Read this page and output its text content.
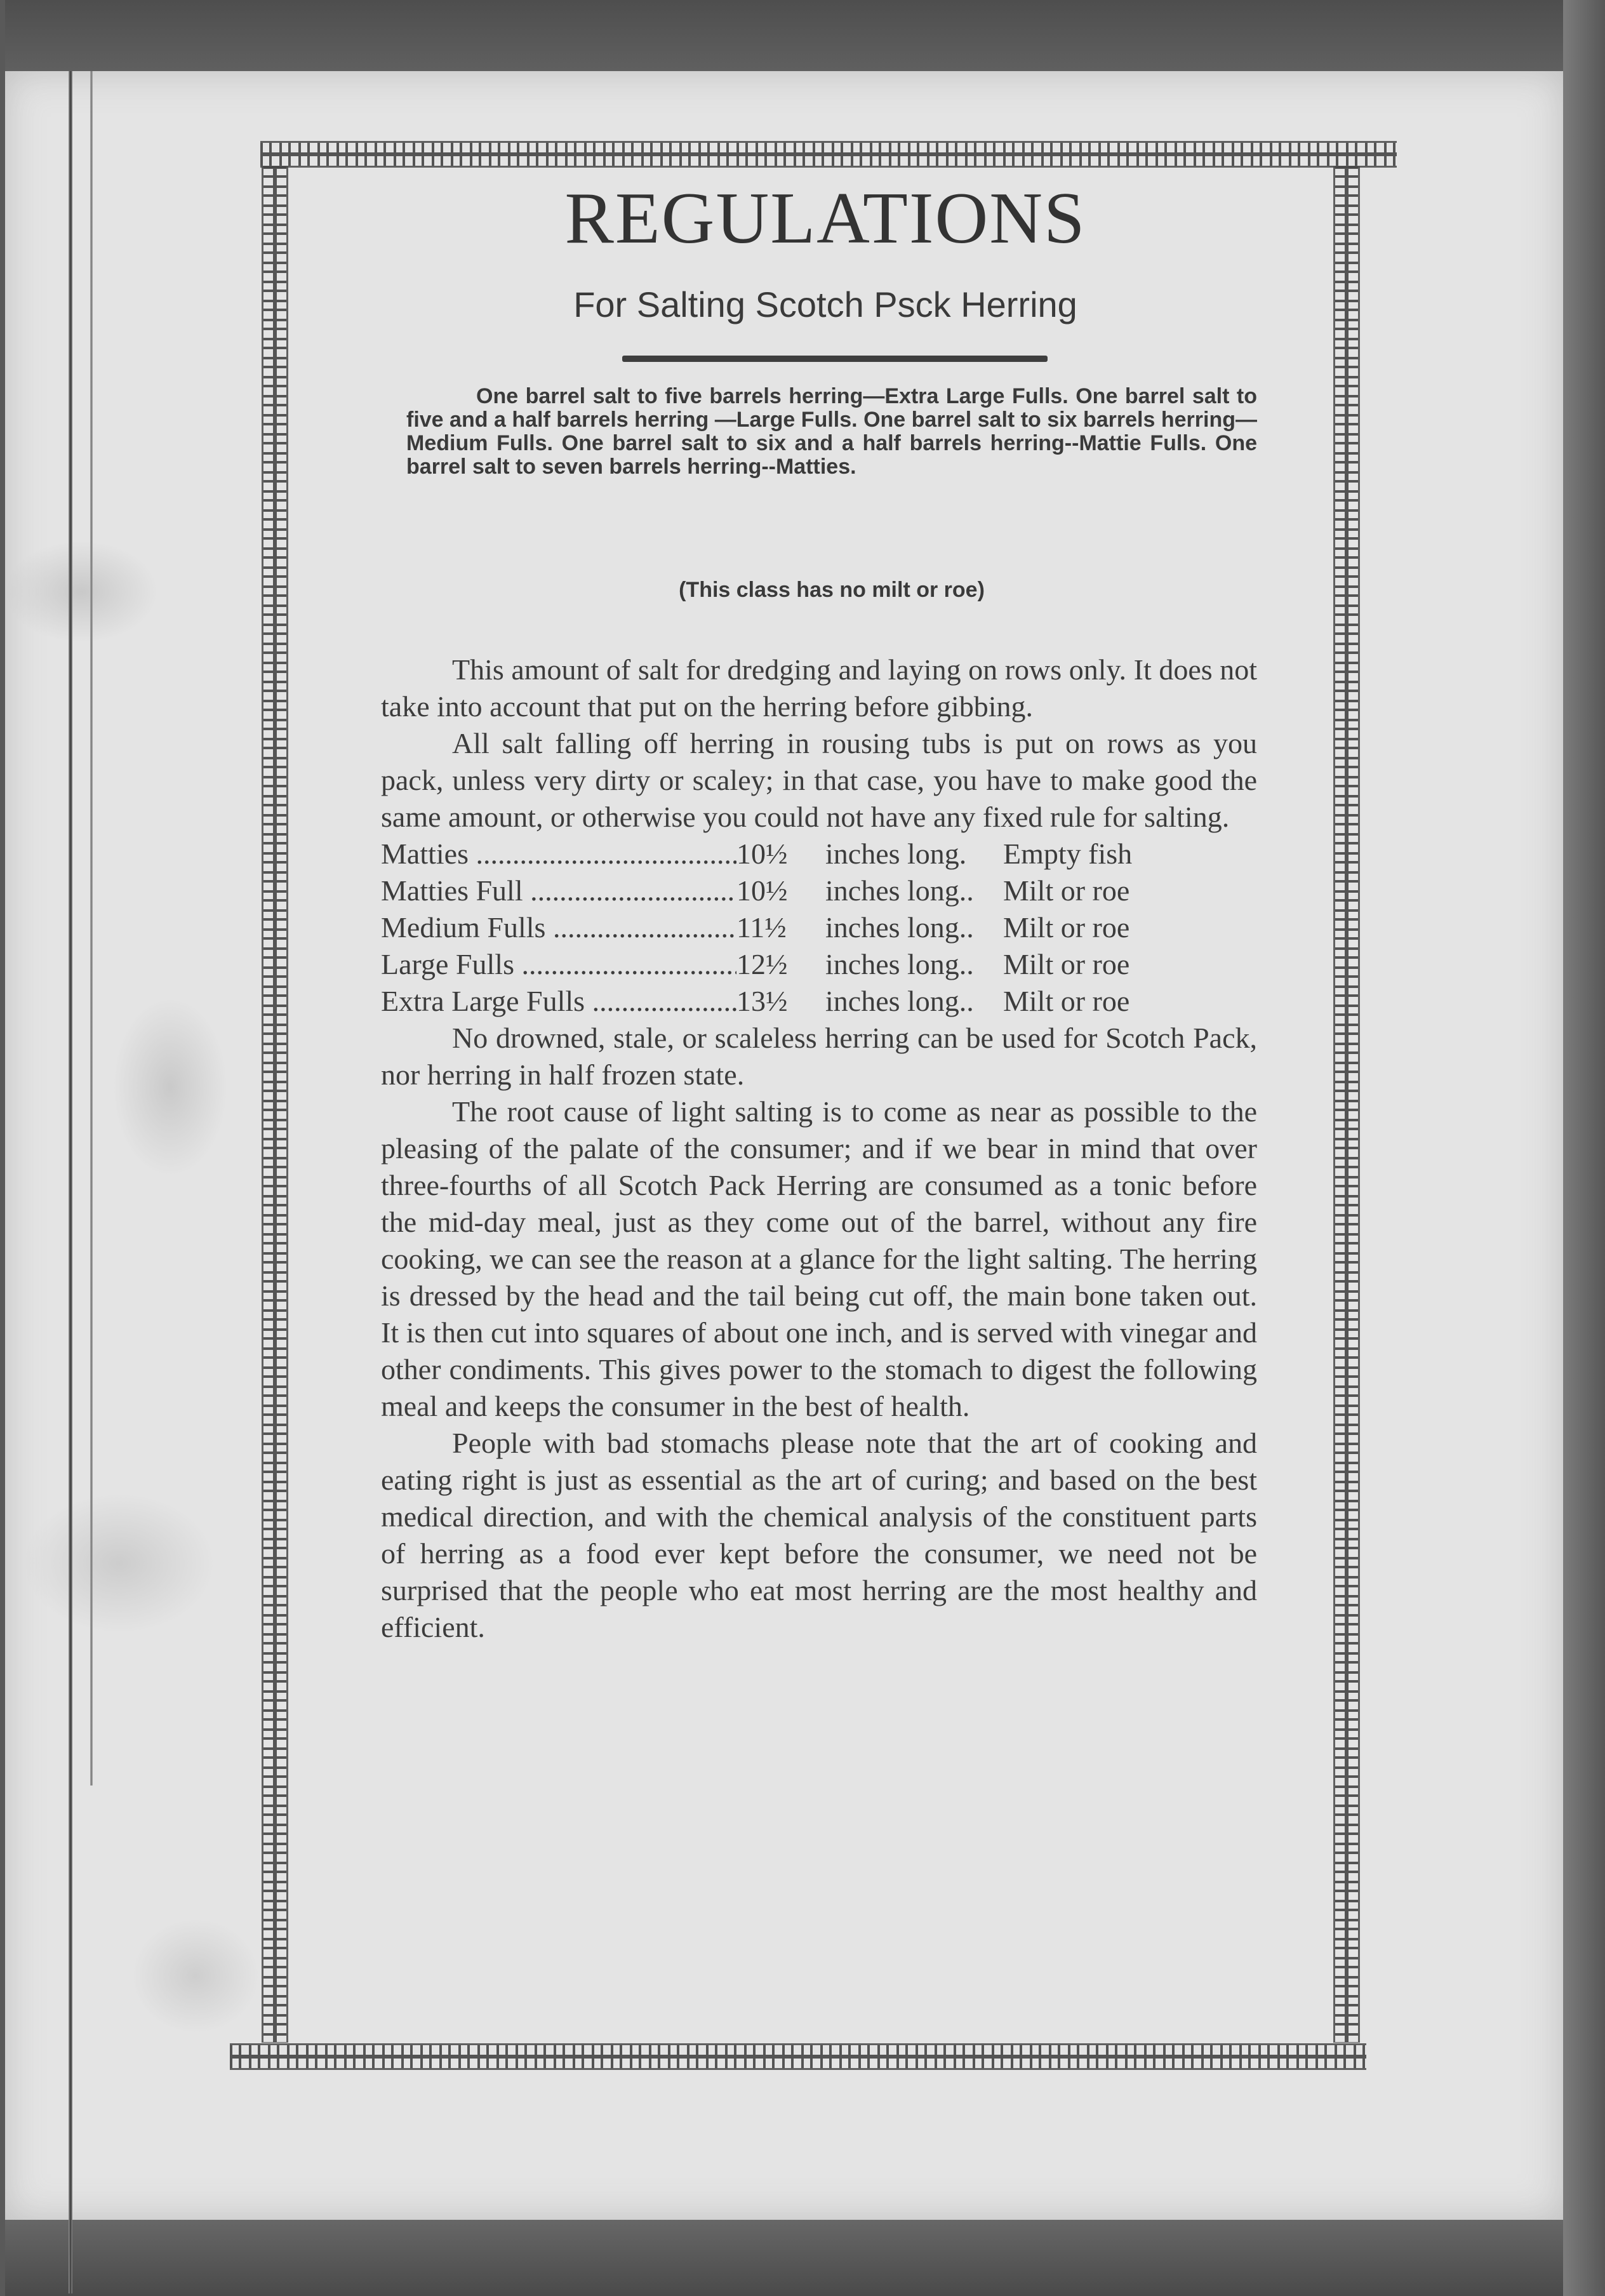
REGULATIONS
For Salting Scotch Psck Herring
One barrel salt to five barrels herring—Extra Large Fulls. One barrel salt to five and a half barrels herring —Large Fulls. One barrel salt to six barrels herring— Medium Fulls. One barrel salt to six and a half barrels herring--Mattie Fulls. One barrel salt to seven barrels herring--Matties.
(This class has no milt or roe)

This amount of salt for dredging and laying on rows only. It does not take into account that put on the herring before gibbing.

All salt falling off herring in rousing tubs is put on rows as you pack, unless very dirty or scaley; in that case, you have to make good the same amount, or otherwise you could not have any fixed rule for salting.

Matties .....	10½	inches long.	Empty fish
Matties Full .....	10½	inches long..	Milt or roe
Medium Fulls .....	11½	inches long..	Milt or roe
Large Fulls .....	12½	inches long..	Milt or roe
Extra Large Fulls .....	13½	inches long..	Milt or roe

No drowned, stale, or scaleless herring can be used for Scotch Pack, nor herring in half frozen state.

The root cause of light salting is to come as near as possible to the pleasing of the palate of the consumer; and if we bear in mind that over three-fourths of all Scotch Pack Herring are consumed as a tonic before the mid-day meal, just as they come out of the barrel, without any fire cooking, we can see the reason at a glance for the light salting. The herring is dressed by the head and the tail being cut off, the main bone taken out. It is then cut into squares of about one inch, and is served with vinegar and other condiments. This gives power to the stomach to digest the following meal and keeps the consumer in the best of health.

People with bad stomachs please note that the art of cooking and eating right is just as essential as the art of curing; and based on the best medical direction, and with the chemical analysis of the constituent parts of herring as a food ever kept before the consumer, we need not be surprised that the people who eat most herring are the most healthy and efficient.
